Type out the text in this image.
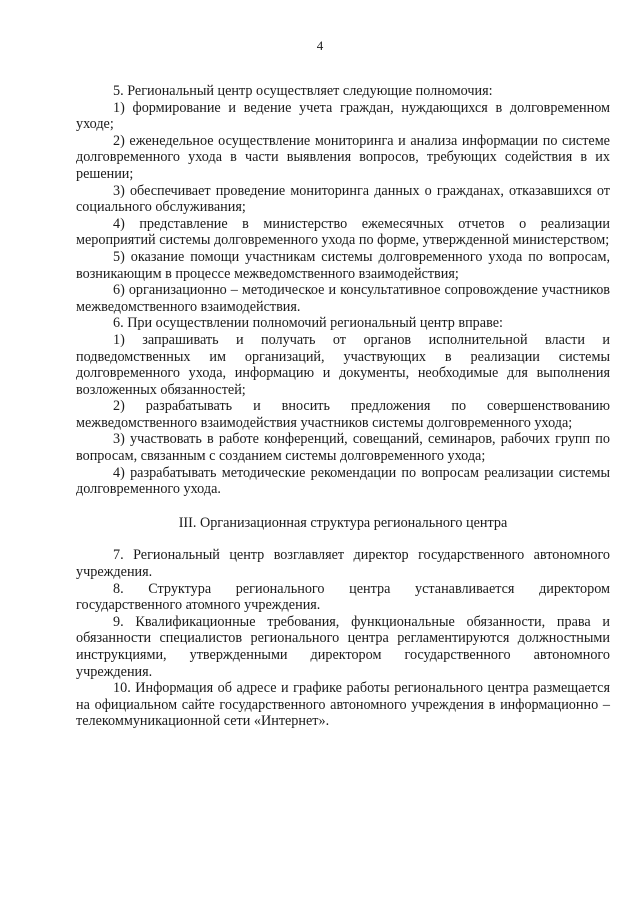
4

5. Региональный центр осуществляет следующие полномочия:

1) формирование и ведение учета граждан, нуждающихся в долговременном уходе;

2) еженедельное осуществление мониторинга и анализа информации по системе долговременного ухода в части выявления вопросов, требующих содействия в их решении;

3) обеспечивает проведение мониторинга данных о гражданах, отказавшихся от социального обслуживания;

4) представление в министерство ежемесячных отчетов о реализации мероприятий системы долговременного ухода по форме, утвержденной министерством;

5) оказание помощи участникам системы долговременного ухода по вопросам, возникающим в процессе межведомственного взаимодействия;

6) организационно – методическое и консультативное сопровождение участников межведомственного взаимодействия.

6. При осуществлении полномочий региональный центр вправе:

1) запрашивать и получать от органов исполнительной власти и подведомственных им организаций, участвующих в реализации системы долговременного ухода, информацию и документы, необходимые для выполнения возложенных обязанностей;

2) разрабатывать и вносить предложения по совершенствованию межведомственного взаимодействия участников системы долговременного ухода;

3) участвовать в работе конференций, совещаний, семинаров, рабочих групп по вопросам, связанным с созданием системы долговременного ухода;

4) разрабатывать методические рекомендации по вопросам реализации системы долговременного ухода.

III. Организационная структура регионального центра

7. Региональный центр возглавляет директор государственного автономного учреждения.

8. Структура регионального центра устанавливается директором государственного атомного учреждения.

9. Квалификационные требования, функциональные обязанности, права и обязанности специалистов регионального центра регламентируются должностными инструкциями, утвержденными директором государственного автономного учреждения.

10. Информация об адресе и графике работы регионального центра размещается на официальном сайте государственного автономного учреждения в информационно – телекоммуникационной сети «Интернет».
